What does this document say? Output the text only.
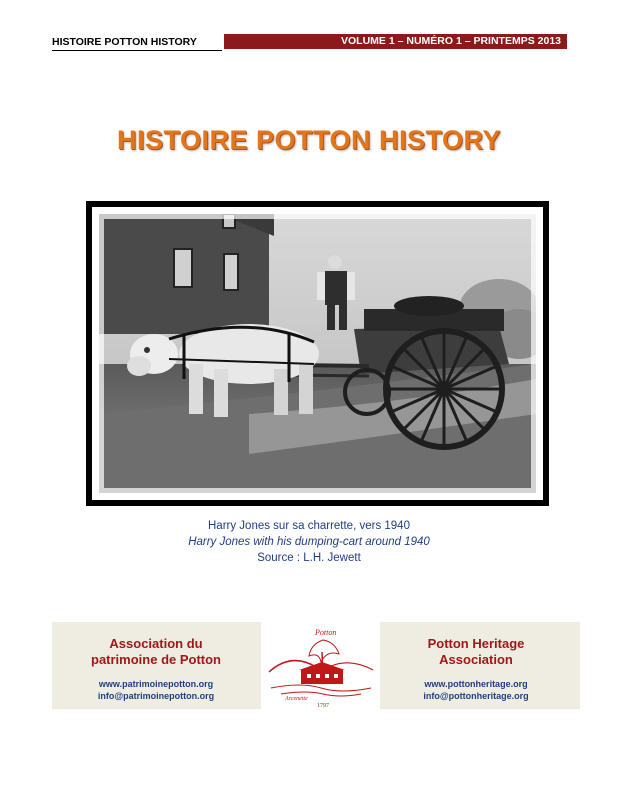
HISTOIRE POTTON HISTORY	VOLUME 1 – NUMÉRO 1 – PRINTEMPS 2013
HISTOIRE POTTON HISTORY
Harry Jones sur sa charrette, vers 1940
Harry Jones with his dumping-cart around 1940
Source : L.H. Jewett
Association du
patrimoine de Potton
www.patrimoinepotton.org
info@patrimoinepotton.org
Potton
Arcenette
1797
Potton Heritage
Association
www.pottonheritage.org
info@pottonheritage.org
